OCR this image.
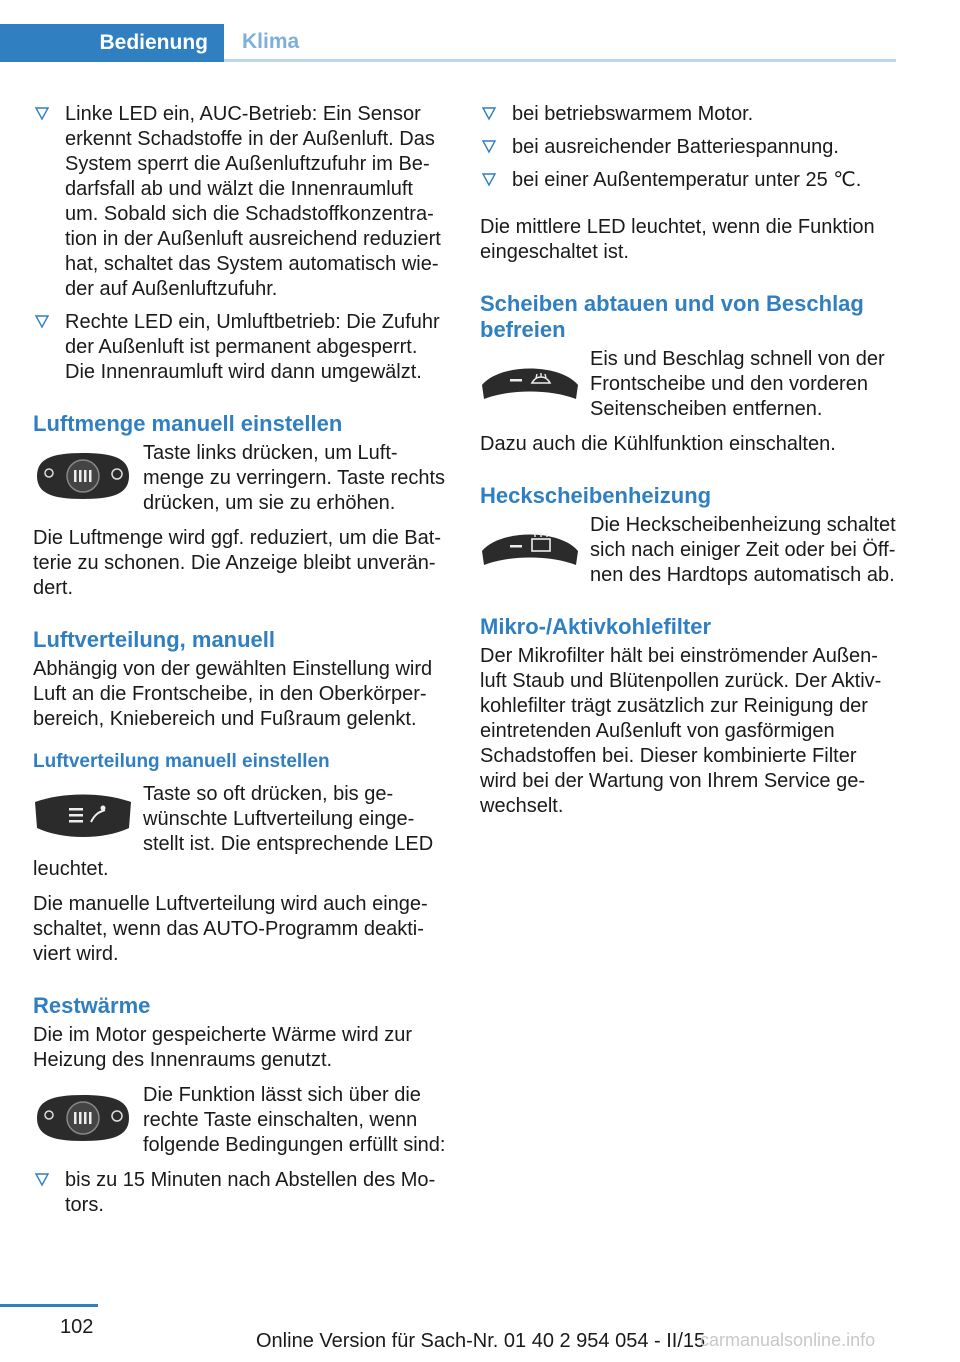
Bedienung	Klima
Linke LED ein, AUC-Betrieb: Ein Sensor erkennt Schadstoffe in der Außenluft. Das System sperrt die Außenluftzufuhr im Bedarfsfall ab und wälzt die Innenraumluft um. Sobald sich die Schadstoffkonzentration in der Außenluft ausreichend reduziert hat, schaltet das System automatisch wieder auf Außenluftzufuhr.
Rechte LED ein, Umluftbetrieb: Die Zufuhr der Außenluft ist permanent abgesperrt. Die Innenraumluft wird dann umgewälzt.
Luftmenge manuell einstellen
Taste links drücken, um Luftmenge zu verringern. Taste rechts drücken, um sie zu erhöhen.

Die Luftmenge wird ggf. reduziert, um die Batterie zu schonen. Die Anzeige bleibt unverändert.

Luftverteilung, manuell

Abhängig von der gewählten Einstellung wird Luft an die Frontscheibe, in den Oberkörperbereich, Kniebereich und Fußraum gelenkt.

Luftverteilung manuell einstellen
Taste so oft drücken, bis gewünschte Luftverteilung eingestellt ist. Die entsprechende LED leuchtet.

Die manuelle Luftverteilung wird auch eingeschaltet, wenn das AUTO-Programm deaktiviert wird.

Restwärme

Die im Motor gespeicherte Wärme wird zur Heizung des Innenraums genutzt.

Die Funktion lässt sich über die rechte Taste einschalten, wenn folgende Bedingungen erfüllt sind:
bis zu 15 Minuten nach Abstellen des Motors.
bei betriebswarmem Motor.
bei ausreichender Batteriespannung.
bei einer Außentemperatur unter 25 ℃.

Die mittlere LED leuchtet, wenn die Funktion eingeschaltet ist.

Scheiben abtauen und von Beschlag befreien
Eis und Beschlag schnell von der Frontscheibe und den vorderen Seitenscheiben entfernen.

Dazu auch die Kühlfunktion einschalten.

Heckscheibenheizung
Die Heckscheibenheizung schaltet sich nach einiger Zeit oder bei Öffnen des Hardtops automatisch ab.
Mikro-/Aktivkohlefilter

Der Mikrofilter hält bei einströmender Außenluft Staub und Blütenpollen zurück. Der Aktivkohlefilter trägt zusätzlich zur Reinigung der eintretenden Außenluft von gasförmigen Schadstoffen bei. Dieser kombinierte Filter wird bei der Wartung von Ihrem Service gewechselt.

102
Online Version für Sach-Nr. 01 40 2 954 054 - II/15
carmanualsonline.info
